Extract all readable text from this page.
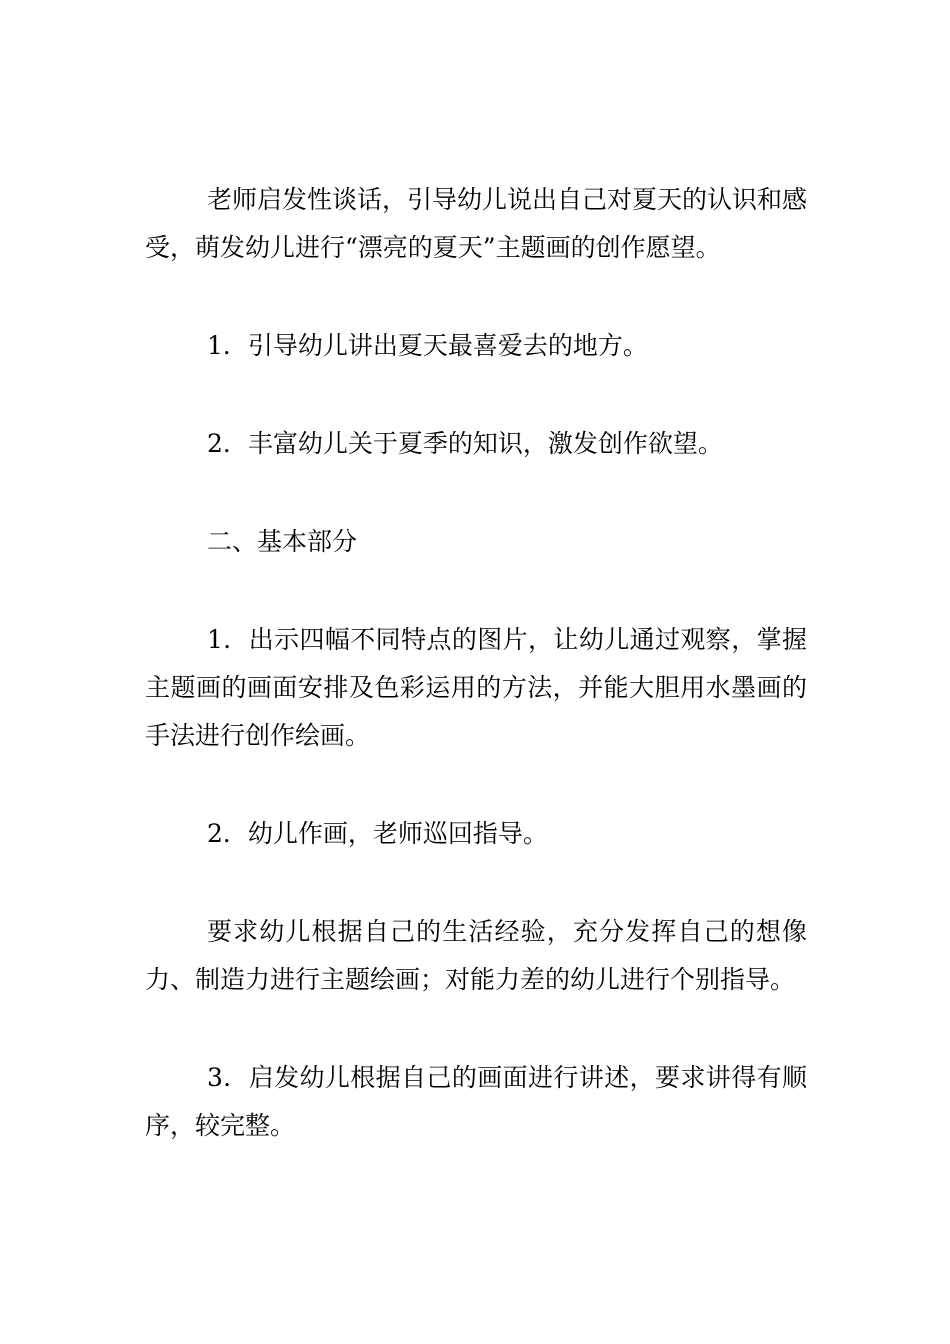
老师启发性谈话，引导幼儿说出自己对夏天的认识和感受，萌发幼儿进行“漂亮的夏天”主题画的创作愿望。

1．引导幼儿讲出夏天最喜爱去的地方。

2．丰富幼儿关于夏季的知识，激发创作欲望。

二、基本部分

1．出示四幅不同特点的图片，让幼儿通过观察，掌握主题画的画面安排及色彩运用的方法，并能大胆用水墨画的手法进行创作绘画。

2．幼儿作画，老师巡回指导。

要求幼儿根据自己的生活经验，充分发挥自己的想像力、制造力进行主题绘画；对能力差的幼儿进行个别指导。

3．启发幼儿根据自己的画面进行讲述，要求讲得有顺序，较完整。
